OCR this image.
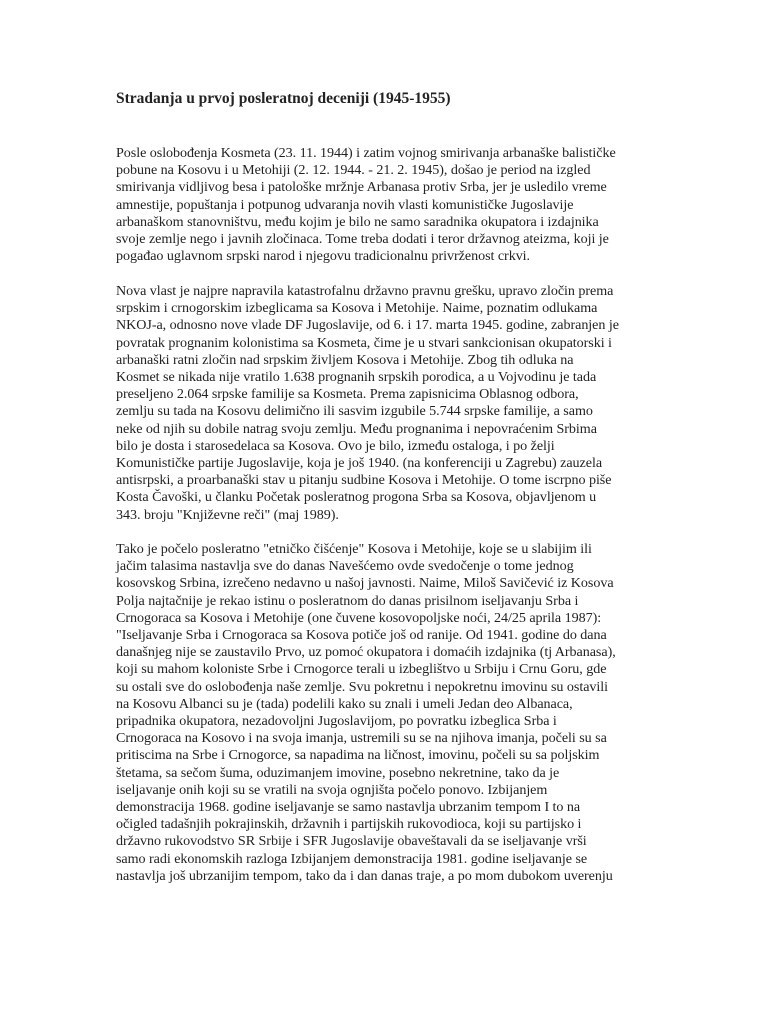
Stradanja u prvoj posleratnoj deceniji (1945-1955)

Posle oslobođenja Kosmeta (23. 11. 1944) i zatim vojnog smirivanja arbanaške balističke
pobune na Kosovu i u Metohiji (2. 12. 1944. - 21. 2. 1945), došao je period na izgled
smirivanja vidljivog besa i patološke mržnje Arbanasa protiv Srba, jer je usledilo vreme
amnestije, popuštanja i potpunog udvaranja novih vlasti komunističke Jugoslavije
arbanaškom stanovništvu, među kojim je bilo ne samo saradnika okupatora i izdajnika
svoje zemlje nego i javnih zločinaca. Tome treba dodati i teror državnog ateizma, koji je
pogađao uglavnom srpski narod i njegovu tradicionalnu privrženost crkvi.

Nova vlast je najpre napravila katastrofalnu državno pravnu grešku, upravo zločin prema
srpskim i crnogorskim izbeglicama sa Kosova i Metohije. Naime, poznatim odlukama
NKOJ-a, odnosno nove vlade DF Jugoslavije, od 6. i 17. marta 1945. godine, zabranjen je
povratak prognanim kolonistima sa Kosmeta, čime je u stvari sankcionisan okupatorski i
arbanaški ratni zločin nad srpskim življem Kosova i Metohije. Zbog tih odluka na
Kosmet se nikada nije vratilo 1.638 prognanih srpskih porodica, a u Vojvodinu je tada
preseljeno 2.064 srpske familije sa Kosmeta. Prema zapisnicima Oblasnog odbora,
zemlju su tada na Kosovu delimično ili sasvim izgubile 5.744 srpske familije, a samo
neke od njih su dobile natrag svoju zemlju. Među prognanima i nepovraćenim Srbima
bilo je dosta i starosedelaca sa Kosova. Ovo je bilo, između ostaloga, i po želji
Komunističke partije Jugoslavije, koja je još 1940. (na konferenciji u Zagrebu) zauzela
antisrpski, a proarbanaški stav u pitanju sudbine Kosova i Metohije. O tome iscrpno piše
Kosta Čavoški, u članku Početak posleratnog progona Srba sa Kosova, objavljenom u
343. broju "Književne reči" (maj 1989).

Tako je počelo posleratno "etničko čišćenje" Kosova i Metohije, koje se u slabijim ili
jačim talasima nastavlja sve do danas Navešćemo ovde svedočenje o tome jednog
kosovskog Srbina, izrečeno nedavno u našoj javnosti. Naime, Miloš Savičević iz Kosova
Polja najtačnije je rekao istinu o posleratnom do danas prisilnom iseljavanju Srba i
Crnogoraca sa Kosova i Metohije (one čuvene kosovopoljske noći, 24/25 aprila 1987):
"Iseljavanje Srba i Crnogoraca sa Kosova potiče još od ranije. Od 1941. godine do dana
današnjeg nije se zaustavilo Prvo, uz pomoć okupatora i domaćih izdajnika (tj Arbanasa),
koji su mahom koloniste Srbe i Crnogorce terali u izbeglištvo u Srbiju i Crnu Goru, gde
su ostali sve do oslobođenja naše zemlje. Svu pokretnu i nepokretnu imovinu su ostavili
na Kosovu Albanci su je (tada) podelili kako su znali i umeli Jedan deo Albanaca,
pripadnika okupatora, nezadovoljni Jugoslavijom, po povratku izbeglica Srba i
Crnogoraca na Kosovo i na svoja imanja, ustremili su se na njihova imanja, počeli su sa
pritiscima na Srbe i Crnogorce, sa napadima na ličnost, imovinu, počeli su sa poljskim
štetama, sa sečom šuma, oduzimanjem imovine, posebno nekretnine, tako da je
iseljavanje onih koji su se vratili na svoja ognjišta počelo ponovo. Izbijanjem
demonstracija 1968. godine iseljavanje se samo nastavlja ubrzanim tempom I to na
očigled tadašnjih pokrajinskih, državnih i partijskih rukovodioca, koji su partijsko i
državno rukovodstvo SR Srbije i SFR Jugoslavije obaveštavali da se iseljavanje vrši
samo radi ekonomskih razloga Izbijanjem demonstracija 1981. godine iseljavanje se
nastavlja još ubrzanijim tempom, tako da i dan danas traje, a po mom dubokom uverenju
